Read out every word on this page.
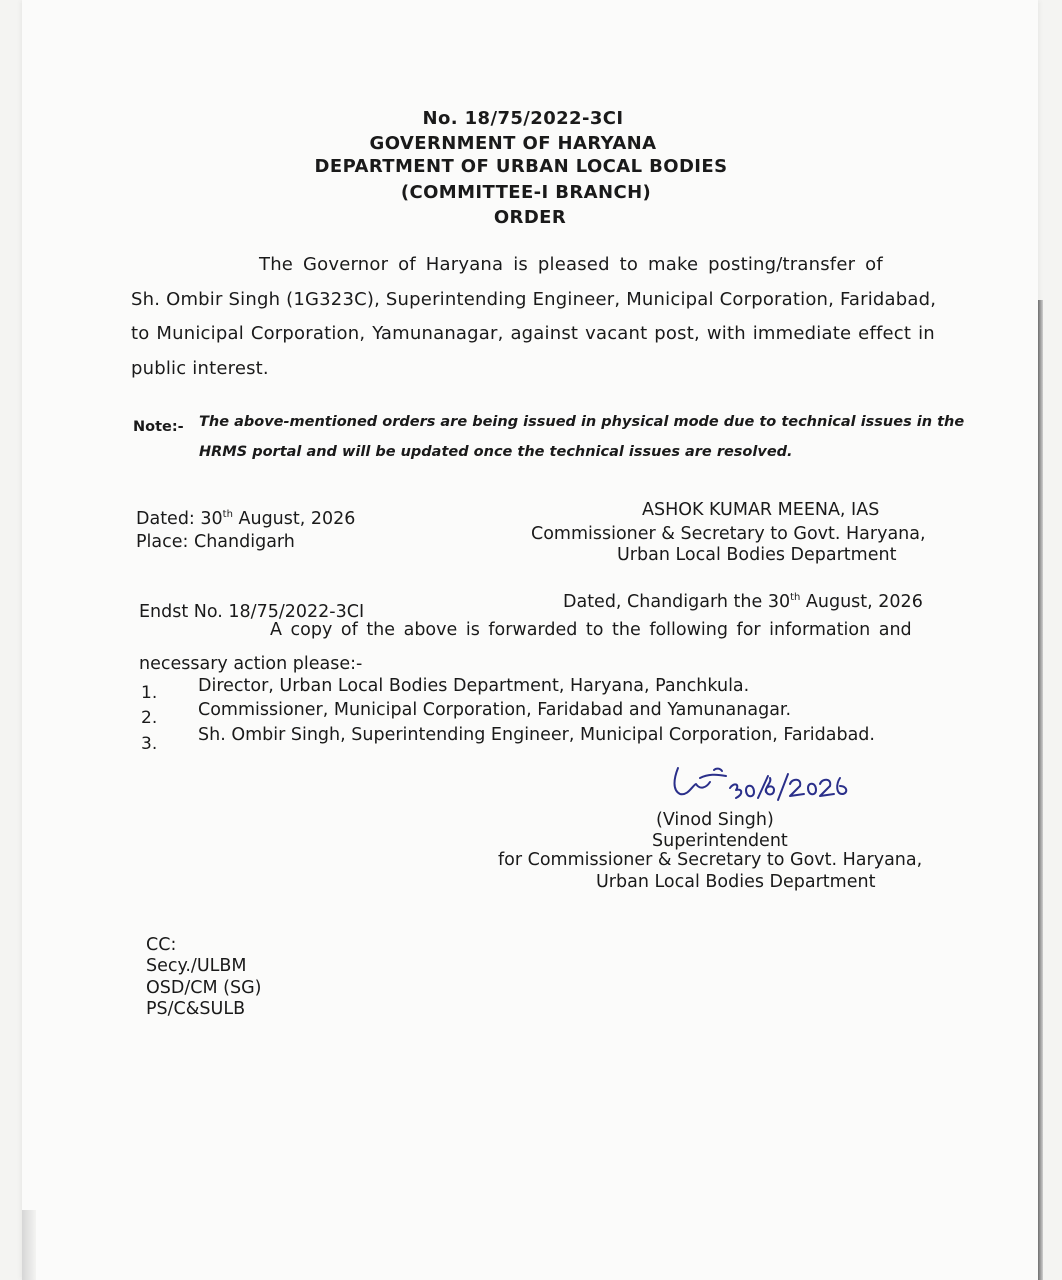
No. 18/75/2022-3CI
GOVERNMENT OF HARYANA
DEPARTMENT OF URBAN LOCAL BODIES
(COMMITTEE-I BRANCH)
ORDER
The Governor of Haryana is pleased to make posting/transfer of
Sh. Ombir Singh (1G323C), Superintending Engineer, Municipal Corporation, Faridabad,
to Municipal Corporation, Yamunanagar, against vacant post, with immediate effect in
public interest.
Note:- The above-mentioned orders are being issued in physical mode due to technical issues in the
HRMS portal and will be updated once the technical issues are resolved.
Dated: 30th August, 2026
Place: Chandigarh
ASHOK KUMAR MEENA, IAS
Commissioner & Secretary to Govt. Haryana,
Urban Local Bodies Department
Endst No. 18/75/2022-3CI	Dated, Chandigarh the 30th August, 2026
A copy of the above is forwarded to the following for information and
necessary action please:-
1. Director, Urban Local Bodies Department, Haryana, Panchkula.
2. Commissioner, Municipal Corporation, Faridabad and Yamunanagar.
3. Sh. Ombir Singh, Superintending Engineer, Municipal Corporation, Faridabad.
(Vinod Singh)
Superintendent
for Commissioner & Secretary to Govt. Haryana,
Urban Local Bodies Department
CC:
Secy./ULBM
OSD/CM (SG)
PS/C&SULB
